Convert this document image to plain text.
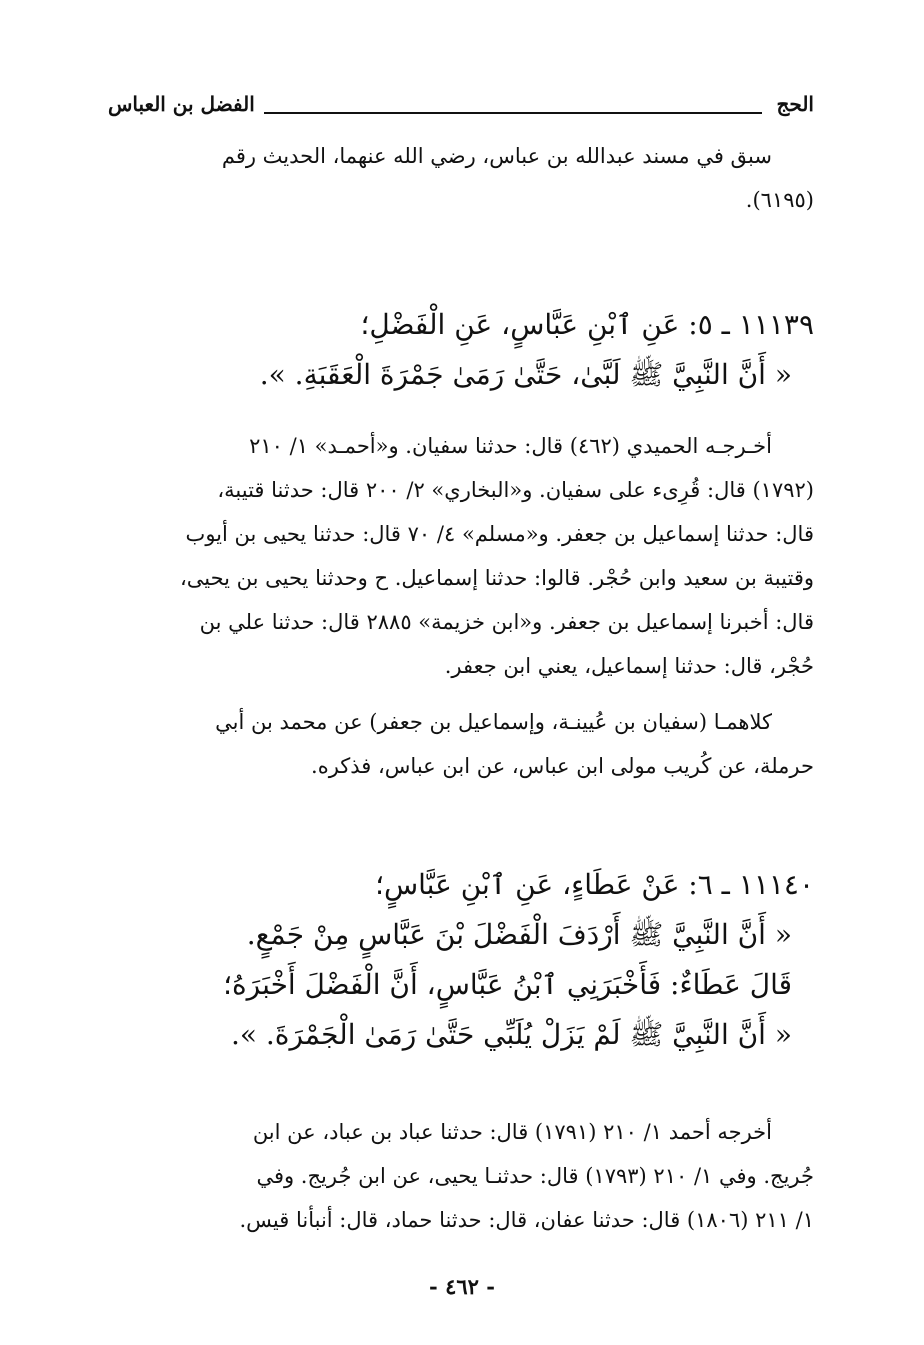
الحج
الفضل بن العباس
سبق في مسند عبدالله بن عباس، رضي الله عنهما، الحديث رقم
(٦١٩٥).
١١١٣٩ ـ ٥: عَنِ ٱبْنِ عَبَّاسٍ، عَنِ الْفَضْلِ؛
« أَنَّ النَّبِيَّ ﷺ لَبَّىٰ، حَتَّىٰ رَمَىٰ جَمْرَةَ الْعَقَبَةِ. ».
أخـرجـه الحميدي (٤٦٢) قال: حدثنا سفيان. و«أحمـد» ١/ ٢١٠
(١٧٩٢) قال: قُرِىء على سفيان. و«البخاري» ٢/ ٢٠٠ قال: حدثنا قتيبة،
قال: حدثنا إسماعيل بن جعفر. و«مسلم» ٤/ ٧٠ قال: حدثنا يحيى بن أيوب
وقتيبة بن سعيد وابن حُجْر. قالوا: حدثنا إسماعيل. ح وحدثنا يحيى بن يحيى،
قال: أخبرنا إسماعيل بن جعفر. و«ابن خزيمة» ٢٨٨٥ قال: حدثنا علي بن
حُجْر، قال: حدثنا إسماعيل، يعني ابن جعفر.
كلاهمـا (سفيان بن عُيينـة، وإسماعيل بن جعفر) عن محمد بن أبي
حرملة، عن كُريب مولى ابن عباس، عن ابن عباس، فذكره.
١١١٤٠ ـ ٦: عَنْ عَطَاءٍ، عَنِ ٱبْنِ عَبَّاسٍ؛
« أَنَّ النَّبِيَّ ﷺ أَرْدَفَ الْفَضْلَ بْنَ عَبَّاسٍ مِنْ جَمْعٍ.
قَالَ عَطَاءٌ: فَأَخْبَرَنِي ٱبْنُ عَبَّاسٍ، أَنَّ الْفَضْلَ أَخْبَرَهُ؛
« أَنَّ النَّبِيَّ ﷺ لَمْ يَزَلْ يُلَبِّي حَتَّىٰ رَمَىٰ الْجَمْرَةَ. ».
أخرجه أحمد ١/ ٢١٠ (١٧٩١) قال: حدثنا عباد بن عباد، عن ابن
جُريج. وفي ١/ ٢١٠ (١٧٩٣) قال: حدثنـا يحيى، عن ابن جُريج. وفي
١/ ٢١١ (١٨٠٦) قال: حدثنا عفان، قال: حدثنا حماد، قال: أنبأنا قيس.
- ٤٦٢ -
